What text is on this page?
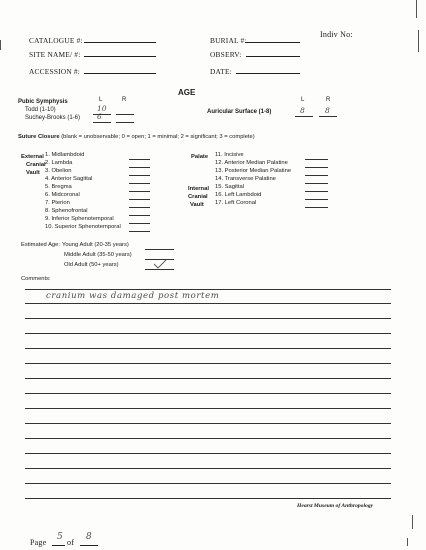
Indiv No:
CATALOGUE #:	BURIAL #:
SITE NAME/ #:	OBSERV:
ACCESSION #:	DATE:
AGE
Pubic Symphysis	L	R
Todd (1-10)	10
Suchey-Brooks (1-6) 6
L	R
Auricular Surface (1-8)	8	8
Suture Closure (blank = unobservable; 0 = open; 1 = minimal; 2 = significant; 3 = complete)
External
Cranial
Vault
1. Midlambdoid
2. Lambda
3. Obelion
4. Anterior Sagittal
5. Bregma
6. Midcoronal
7. Pterion
8. Sphenofrontal
9. Inferior Sphenotemporal
10. Superior Sphenotemporal
Palate 11. Incisive
12. Anterior Median Palatine
13. Posterior Median Palatine
14. Transverse Palatine
Internal
Cranial
Vault
15. Sagittal
16. Left Lambdoid
17. Left Coronal
Estimated Age: Young Adult (20-35 years)
Middle Adult (35-50 years)
Old Adult (50+ years)
Comments:
cranium was damaged post mortem
Hearst Museum of Anthropology
Page
5
of
8
